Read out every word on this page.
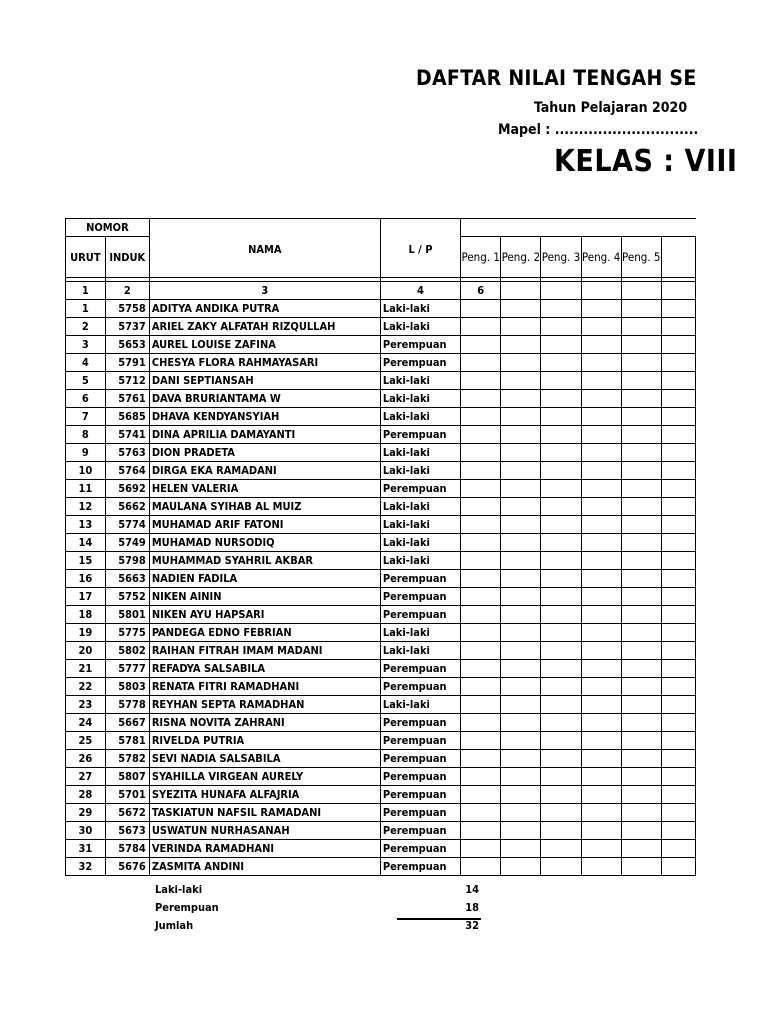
DAFTAR NILAI TENGAH SE
Tahun Pelajaran 2020
Mapel : ..............................
KELAS : VIII
NOMOR		NAMA	L / P						
URUT	INDUK			Peng. 1	Peng. 2	Peng. 3	Peng. 4	Peng. 5	

1	2	3	4	6					
1	5758	ADITYA ANDIKA PUTRA	Laki-laki						
2	5737	ARIEL ZAKY ALFATAH RIZQULLAH	Laki-laki						
3	5653	AUREL LOUISE ZAFINA	Perempuan						
4	5791	CHESYA FLORA RAHMAYASARI	Perempuan						
5	5712	DANI SEPTIANSAH	Laki-laki						
6	5761	DAVA BRURIANTAMA W	Laki-laki						
7	5685	DHAVA KENDYANSYIAH	Laki-laki						
8	5741	DINA APRILIA DAMAYANTI	Perempuan						
9	5763	DION PRADETA	Laki-laki						
10	5764	DIRGA EKA RAMADANI	Laki-laki						
11	5692	HELEN VALERIA	Perempuan						
12	5662	MAULANA SYIHAB AL MUIZ	Laki-laki						
13	5774	MUHAMAD ARIF FATONI	Laki-laki						
14	5749	MUHAMAD NURSODIQ	Laki-laki						
15	5798	MUHAMMAD SYAHRIL AKBAR	Laki-laki						
16	5663	NADIEN FADILA	Perempuan						
17	5752	NIKEN AININ	Perempuan						
18	5801	NIKEN AYU HAPSARI	Perempuan						
19	5775	PANDEGA EDNO FEBRIAN	Laki-laki						
20	5802	RAIHAN FITRAH IMAM MADANI	Laki-laki						
21	5777	REFADYA SALSABILA	Perempuan						
22	5803	RENATA FITRI RAMADHANI	Perempuan						
23	5778	REYHAN SEPTA RAMADHAN	Laki-laki						
24	5667	RISNA NOVITA ZAHRANI	Perempuan						
25	5781	RIVELDA PUTRIA	Perempuan						
26	5782	SEVI NADIA SALSABILA	Perempuan						
27	5807	SYAHILLA VIRGEAN AURELY	Perempuan						
28	5701	SYEZITA HUNAFA ALFAJRIA	Perempuan						
29	5672	TASKIATUN NAFSIL RAMADANI	Perempuan						
30	5673	USWATUN NURHASANAH	Perempuan						
31	5784	VERINDA RAMADHANI	Perempuan						
32	5676	ZASMITA ANDINI	Perempuan						
Laki-laki	14
Perempuan	18
Jumlah	32
